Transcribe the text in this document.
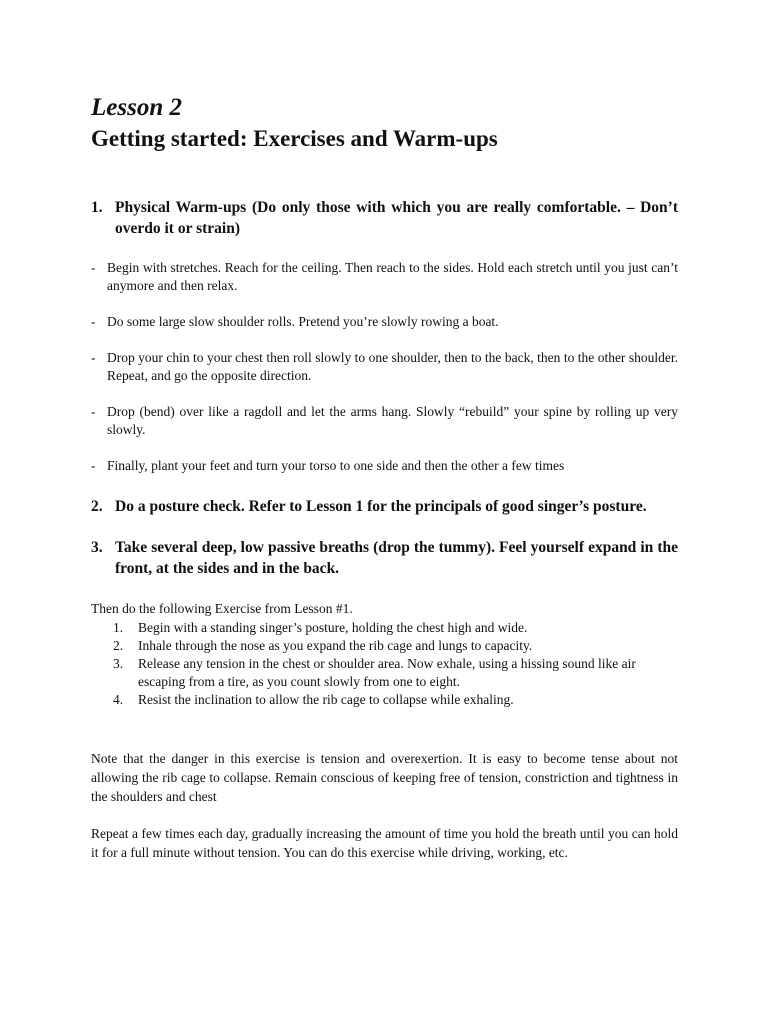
Lesson 2
Getting started: Exercises and Warm-ups
1. Physical Warm-ups (Do only those with which you are really comfortable. – Don’t overdo it or strain)
- Begin with stretches. Reach for the ceiling. Then reach to the sides. Hold each stretch until you just can’t anymore and then relax.
- Do some large slow shoulder rolls. Pretend you’re slowly rowing a boat.
- Drop your chin to your chest then roll slowly to one shoulder, then to the back, then to the other shoulder. Repeat, and go the opposite direction.
- Drop (bend) over like a ragdoll and let the arms hang. Slowly “rebuild” your spine by rolling up very slowly.
- Finally, plant your feet and turn your torso to one side and then the other a few times
2. Do a posture check. Refer to Lesson 1 for the principals of good singer’s posture.
3. Take several deep, low passive breaths (drop the tummy). Feel yourself expand in the front, at the sides and in the back.
Then do the following Exercise from Lesson #1.
1.	Begin with a standing singer’s posture, holding the chest high and wide.
2.	Inhale through the nose as you expand the rib cage and lungs to capacity.
3.	Release any tension in the chest or shoulder area. Now exhale, using a hissing sound like air escaping from a tire, as you count slowly from one to eight.
4.	Resist the inclination to allow the rib cage to collapse while exhaling.
Note that the danger in this exercise is tension and overexertion. It is easy to become tense about not allowing the rib cage to collapse. Remain conscious of keeping free of tension, constriction and tightness in the shoulders and chest
Repeat a few times each day, gradually increasing the amount of time you hold the breath until you can hold it for a full minute without tension. You can do this exercise while driving, working, etc.
